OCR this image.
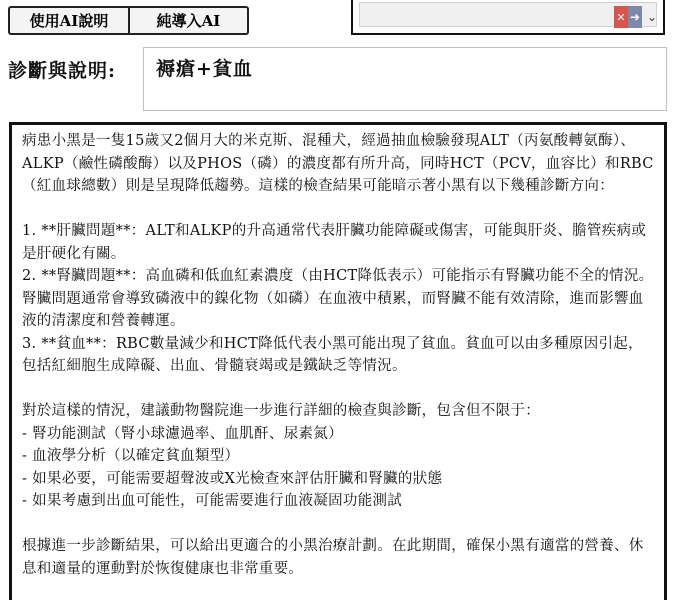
使用AI說明	純導入AI	✕ ➜ ⌄
診斷與說明:	褥瘡+貧血

病患小黑是一隻15歲又2個月大的米克斯、混種犬，經過抽血檢驗發現ALT（丙氨酸轉氨酶）、ALKP（鹼性磷酸酶）以及PHOS（磷）的濃度都有所升高，同時HCT（PCV，血容比）和RBC（紅血球總數）則是呈現降低趨勢。這樣的檢查結果可能暗示著小黑有以下幾種診斷方向：

1. **肝臟問題**：ALT和ALKP的升高通常代表肝臟功能障礙或傷害，可能與肝炎、膽管疾病或是肝硬化有關。

2. **腎臟問題**：高血磷和低血紅素濃度（由HCT降低表示）可能指示有腎臟功能不全的情況。腎臟問題通常會導致磷液中的鎳化物（如磷）在血液中積累，而腎臟不能有效清除，進而影響血液的清潔度和營養轉運。

3. **貧血**：RBC數量減少和HCT降低代表小黑可能出現了貧血。貧血可以由多種原因引起，包括紅細胞生成障礙、出血、骨髓衰竭或是鐵缺乏等情況。

對於這樣的情況，建議動物醫院進一步進行詳細的檢查與診斷，包含但不限于：

- 腎功能測試（腎小球濾過率、血肌酐、尿素氮）

- 血液學分析（以確定貧血類型）

- 如果必要，可能需要超聲波或X光檢查來評估肝臟和腎臟的狀態

- 如果考慮到出血可能性，可能需要進行血液凝固功能測試

根據進一步診斷結果，可以給出更適合的小黑治療計劃。在此期間，確保小黑有適當的營養、休息和適量的運動對於恢復健康也非常重要。
